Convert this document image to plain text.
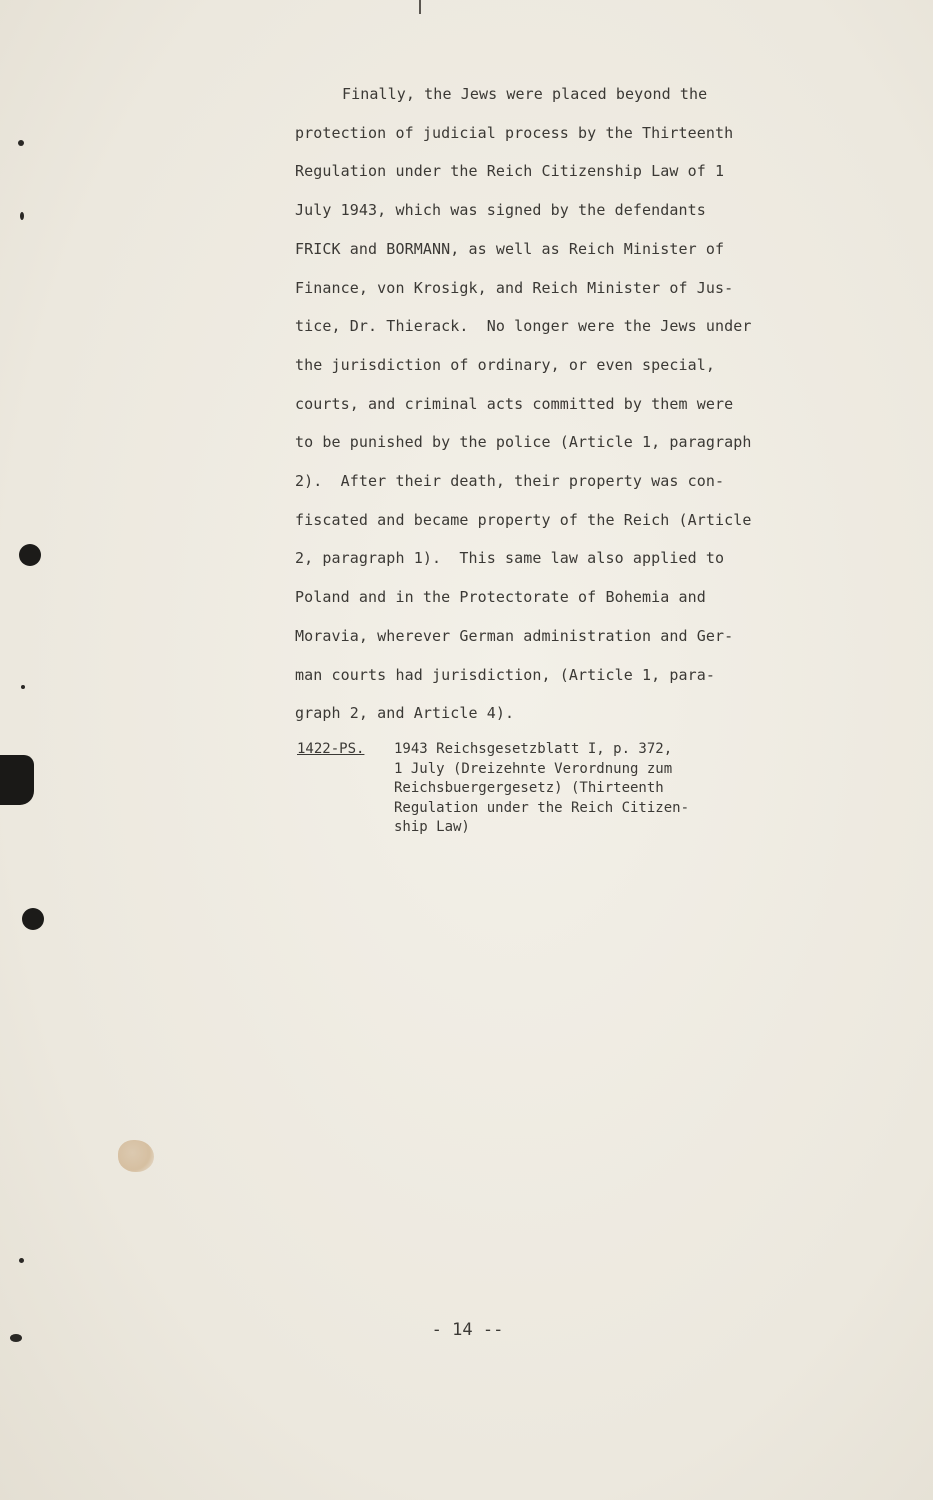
Finally, the Jews were placed beyond the
protection of judicial process by the Thirteenth
Regulation under the Reich Citizenship Law of 1
July 1943, which was signed by the defendants
FRICK and BORMANN, as well as Reich Minister of
Finance, von Krosigk, and Reich Minister of Jus-
tice, Dr. Thierack.  No longer were the Jews under
the jurisdiction of ordinary, or even special,
courts, and criminal acts committed by them were
to be punished by the police (Article 1, paragraph
2).  After their death, their property was con-
fiscated and became property of the Reich (Article
2, paragraph 1).  This same law also applied to
Poland and in the Protectorate of Bohemia and
Moravia, wherever German administration and Ger-
man courts had jurisdiction, (Article 1, para-
graph 2, and Article 4).
1422-PS. 1943 Reichsgesetzblatt I, p. 372,
1 July (Dreizehnte Verordnung zum
Reichsbuergergesetz) (Thirteenth
Regulation under the Reich Citizen-
ship Law)
- 14 --
